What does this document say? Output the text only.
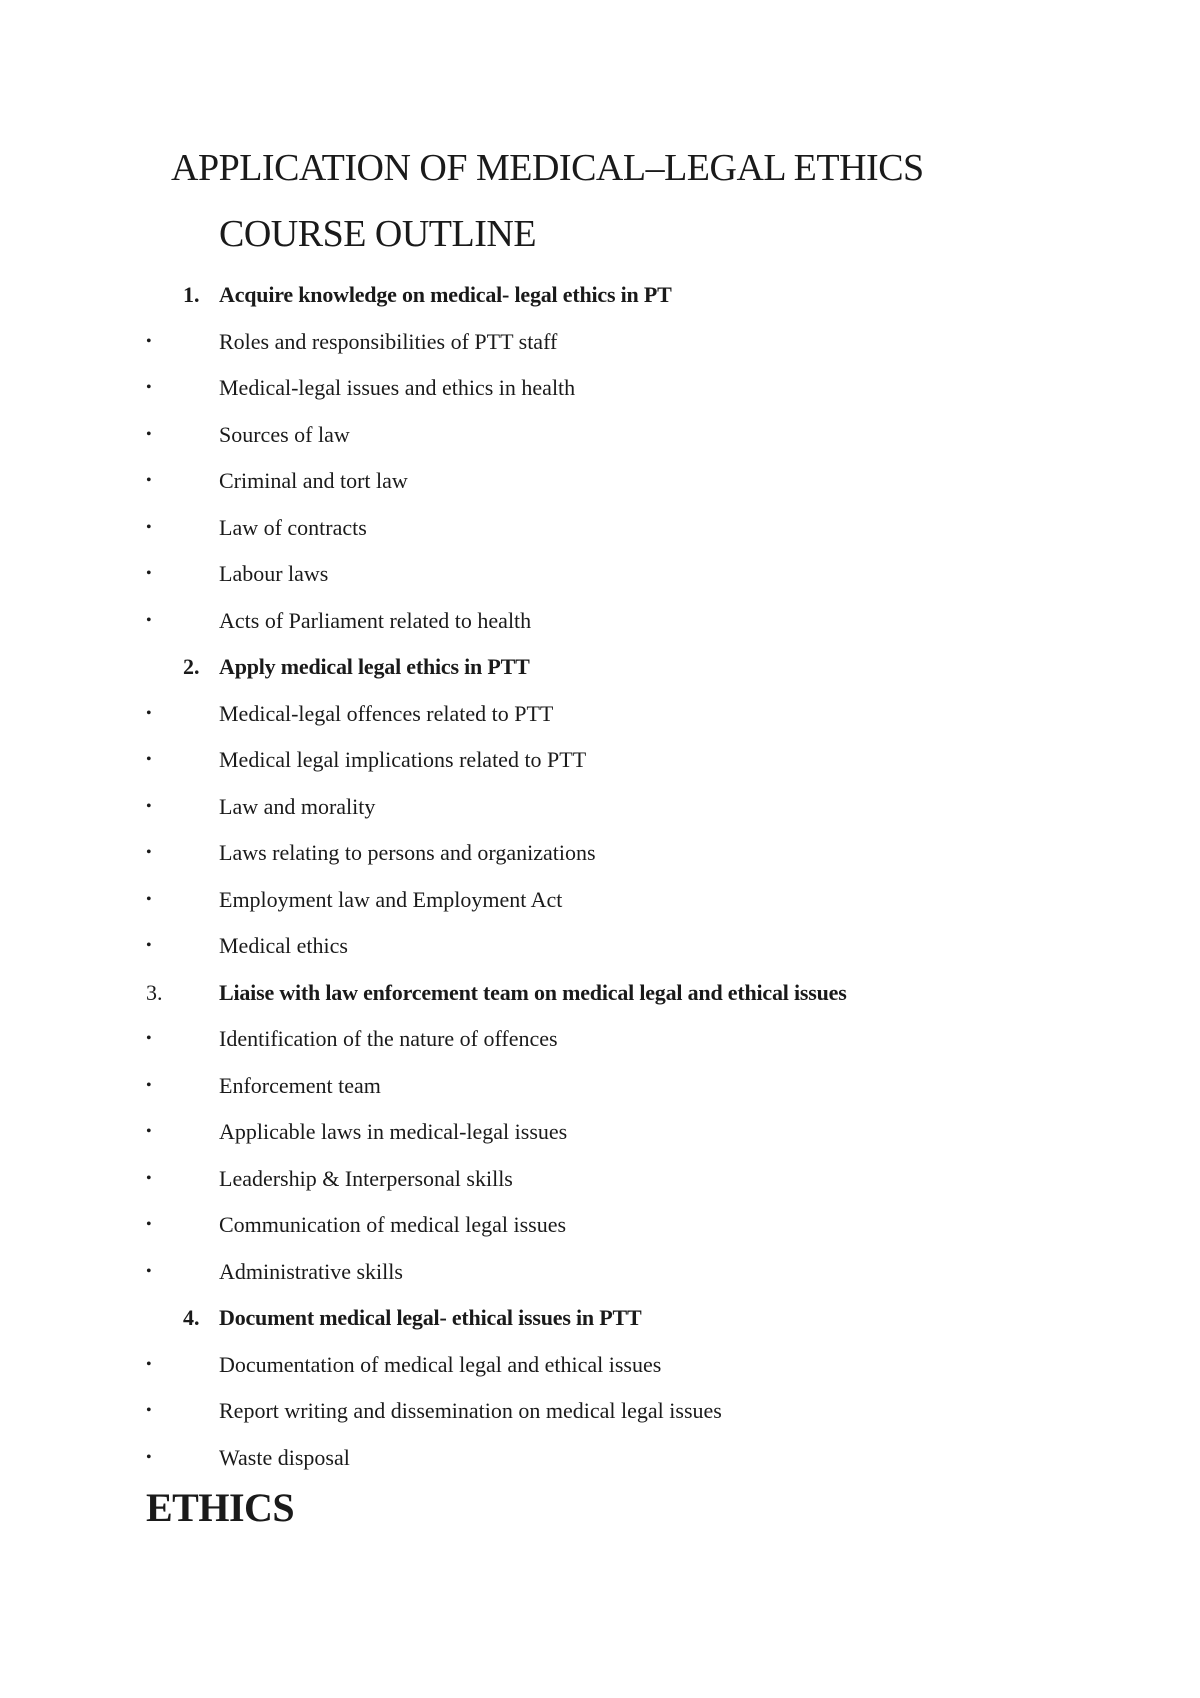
APPLICATION OF MEDICAL–LEGAL ETHICS
COURSE OUTLINE
1. Acquire knowledge on medical- legal ethics in PT
•	Roles and responsibilities of PTT staff
•	Medical-legal issues and ethics in health
•	Sources of law
•	Criminal and tort law
•	Law of contracts
•	Labour laws
•	Acts of Parliament related to health
2. Apply medical legal ethics in PTT
•	Medical-legal offences related to PTT
•	Medical legal implications related to PTT
•	Law and morality
•	Laws relating to persons and organizations
•	Employment law and Employment Act
•	Medical ethics
3.	Liaise with law enforcement team on medical legal and ethical issues
•	Identification of the nature of offences
•	Enforcement team
•	Applicable laws in medical-legal issues
•	Leadership & Interpersonal skills
•	Communication of medical legal issues
•	Administrative skills
4. Document medical legal- ethical issues in PTT
•	Documentation of medical legal and ethical issues
•	Report writing and dissemination on medical legal issues
•	Waste disposal
ETHICS
